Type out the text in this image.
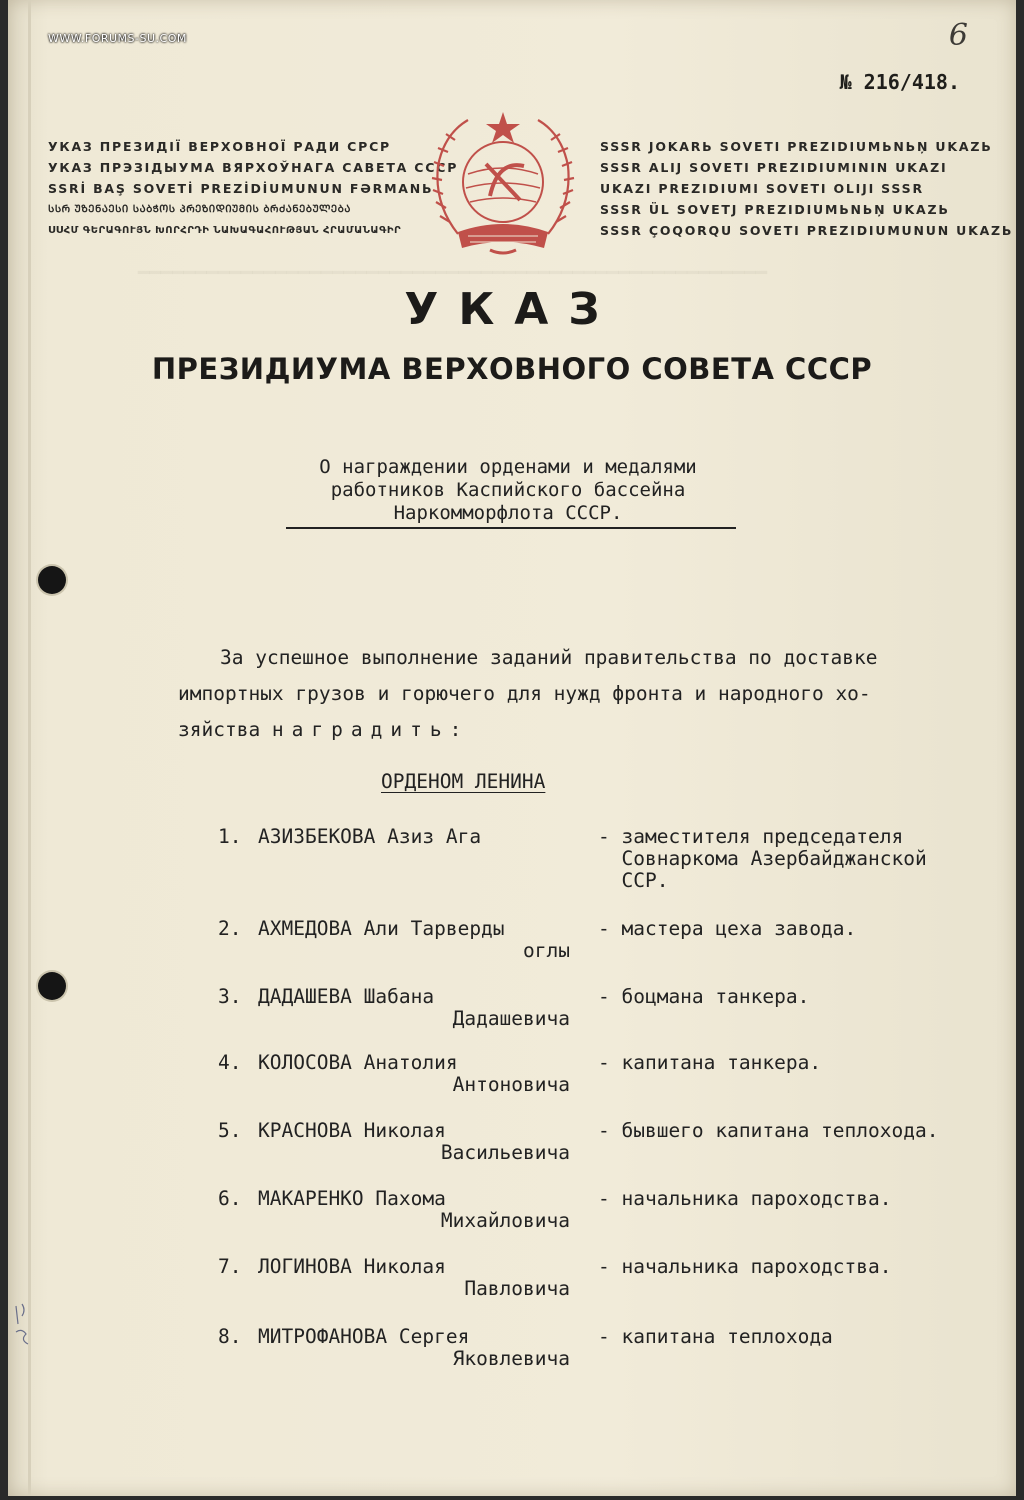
━━━━━━━━━━━━━━━━━━━━━━━━━━━━━━━━━━━━━━━━━━━━━━━━━━━━━━━
WWW.FORUMS-SU.COM	6
№ 216/418.
УКАЗ ПРЕЗИДІЇ ВЕРХОВНОЇ РАДИ СРСР
УКАЗ ПРЭЗІДЫУМА ВЯРХОЎНАГА САВЕТА СССР
SSRİ BAŞ SOVETİ PREZİDİUMUNUN FƏRMANЬ
ᲡᲡᲠ ᲣᲖᲔᲜᲐᲔᲡᲘ ᲡᲐᲑᲭᲝᲡ ᲞᲠᲔᲖᲘᲓᲘᲣᲛᲘᲡ ᲑᲠᲫᲐᲜᲔᲑᲣᲚᲔᲑᲐ
ՍՍՀՄ ԳԵՐԱԳՈՒՅՆ ԽՈՐՀՐԴԻ ՆԱԽԱԳԱՀՈՒԹՅԱՆ ՀՐԱՄԱՆԱԳԻՐ
SSSR JOKARЬ SOVETI PREZIDIUMЬNЬŅ UKAZЬ
SSSR ALIJ SOVETI PREZIDIUMININ UKAZI
UKAZI PREZIDIUMI SOVETI OLIJI SSSR
SSSR ÜL SOVETJ PREZIDIUMЬNЬŅ UKAZЬ
SSSR ÇOQORQU SOVETI PREZIDIUMUNUN UKAZЬ
УКАЗ
ПРЕЗИДИУМА ВЕРХОВНОГО СОВЕТА СССР
О награждении орденами и медалями
работников Каспийского бассейна
Наркомморфлота СССР.
За успешное выполнение заданий правительства по доставке
импортных грузов и горючего для нужд фронта и народного хо-
зяйства наградить:
ОРДЕНОМ ЛЕНИНА
1. АЗИЗБЕКОВА Азиз Ага	- заместителя председателя
Совнаркома Азербайджанской
ССР.
2. АХМЕДОВА Али Тарверды
оглы
- мастера цеха завода.
3. ДАДАШЕВА Шабана
Дадашевича
- боцмана танкера.
4. КОЛОСОВА Анатолия
Антоновича
- капитана танкера.
5. КРАСНОВА Николая
Васильевича
- бывшего капитана теплохода.
6. МАКАРЕНКО Пахома
Михайловича
- начальника пароходства.
7. ЛОГИНОВА Николая
Павловича
- начальника пароходства.
8. МИТРОФАНОВА Сергея
Яковлевича
- капитана теплохода
